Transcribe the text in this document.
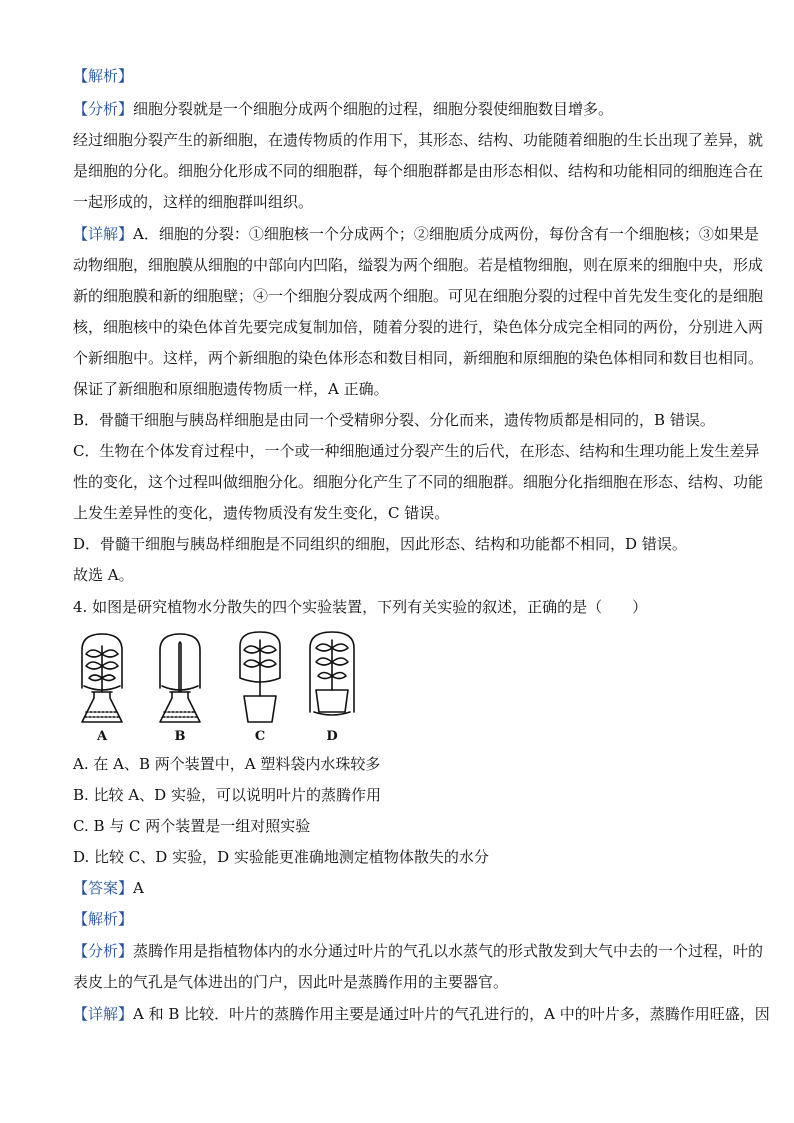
【解析】
【分析】细胞分裂就是一个细胞分成两个细胞的过程，细胞分裂使细胞数目增多。
经过细胞分裂产生的新细胞，在遗传物质的作用下，其形态、结构、功能随着细胞的生长出现了差异，就
是细胞的分化。细胞分化形成不同的细胞群，每个细胞群都是由形态相似、结构和功能相同的细胞连合在
一起形成的，这样的细胞群叫组织。
【详解】A．细胞的分裂：①细胞核一个分成两个；②细胞质分成两份，每份含有一个细胞核；③如果是
动物细胞，细胞膜从细胞的中部向内凹陷，缢裂为两个细胞。若是植物细胞，则在原来的细胞中央，形成
新的细胞膜和新的细胞壁；④一个细胞分裂成两个细胞。可见在细胞分裂的过程中首先发生变化的是细胞
核，细胞核中的染色体首先要完成复制加倍，随着分裂的进行，染色体分成完全相同的两份，分别进入两
个新细胞中。这样，两个新细胞的染色体形态和数目相同，新细胞和原细胞的染色体相同和数目也相同。
保证了新细胞和原细胞遗传物质一样，A 正确。
B．骨髓干细胞与胰岛样细胞是由同一个受精卵分裂、分化而来，遗传物质都是相同的，B 错误。
C．生物在个体发育过程中，一个或一种细胞通过分裂产生的后代，在形态、结构和生理功能上发生差异
性的变化，这个过程叫做细胞分化。细胞分化产生了不同的细胞群。细胞分化指细胞在形态、结构、功能
上发生差异性的变化，遗传物质没有发生变化，C 错误。
D．骨髓干细胞与胰岛样细胞是不同组织的细胞，因此形态、结构和功能都不相同，D 错误。
故选 A。
4. 如图是研究植物水分散失的四个实验装置，下列有关实验的叙述，正确的是（　　）
A	B	C	D
A. 在 A、B 两个装置中，A 塑料袋内水珠较多
B. 比较 A、D 实验，可以说明叶片的蒸腾作用
C. B 与 C 两个装置是一组对照实验
D. 比较 C、D 实验，D 实验能更准确地测定植物体散失的水分
【答案】A
【解析】
【分析】蒸腾作用是指植物体内的水分通过叶片的气孔以水蒸气的形式散发到大气中去的一个过程，叶的
表皮上的气孔是气体进出的门户，因此叶是蒸腾作用的主要器官。
【详解】A 和 B 比较．叶片的蒸腾作用主要是通过叶片的气孔进行的，A 中的叶片多，蒸腾作用旺盛，因
